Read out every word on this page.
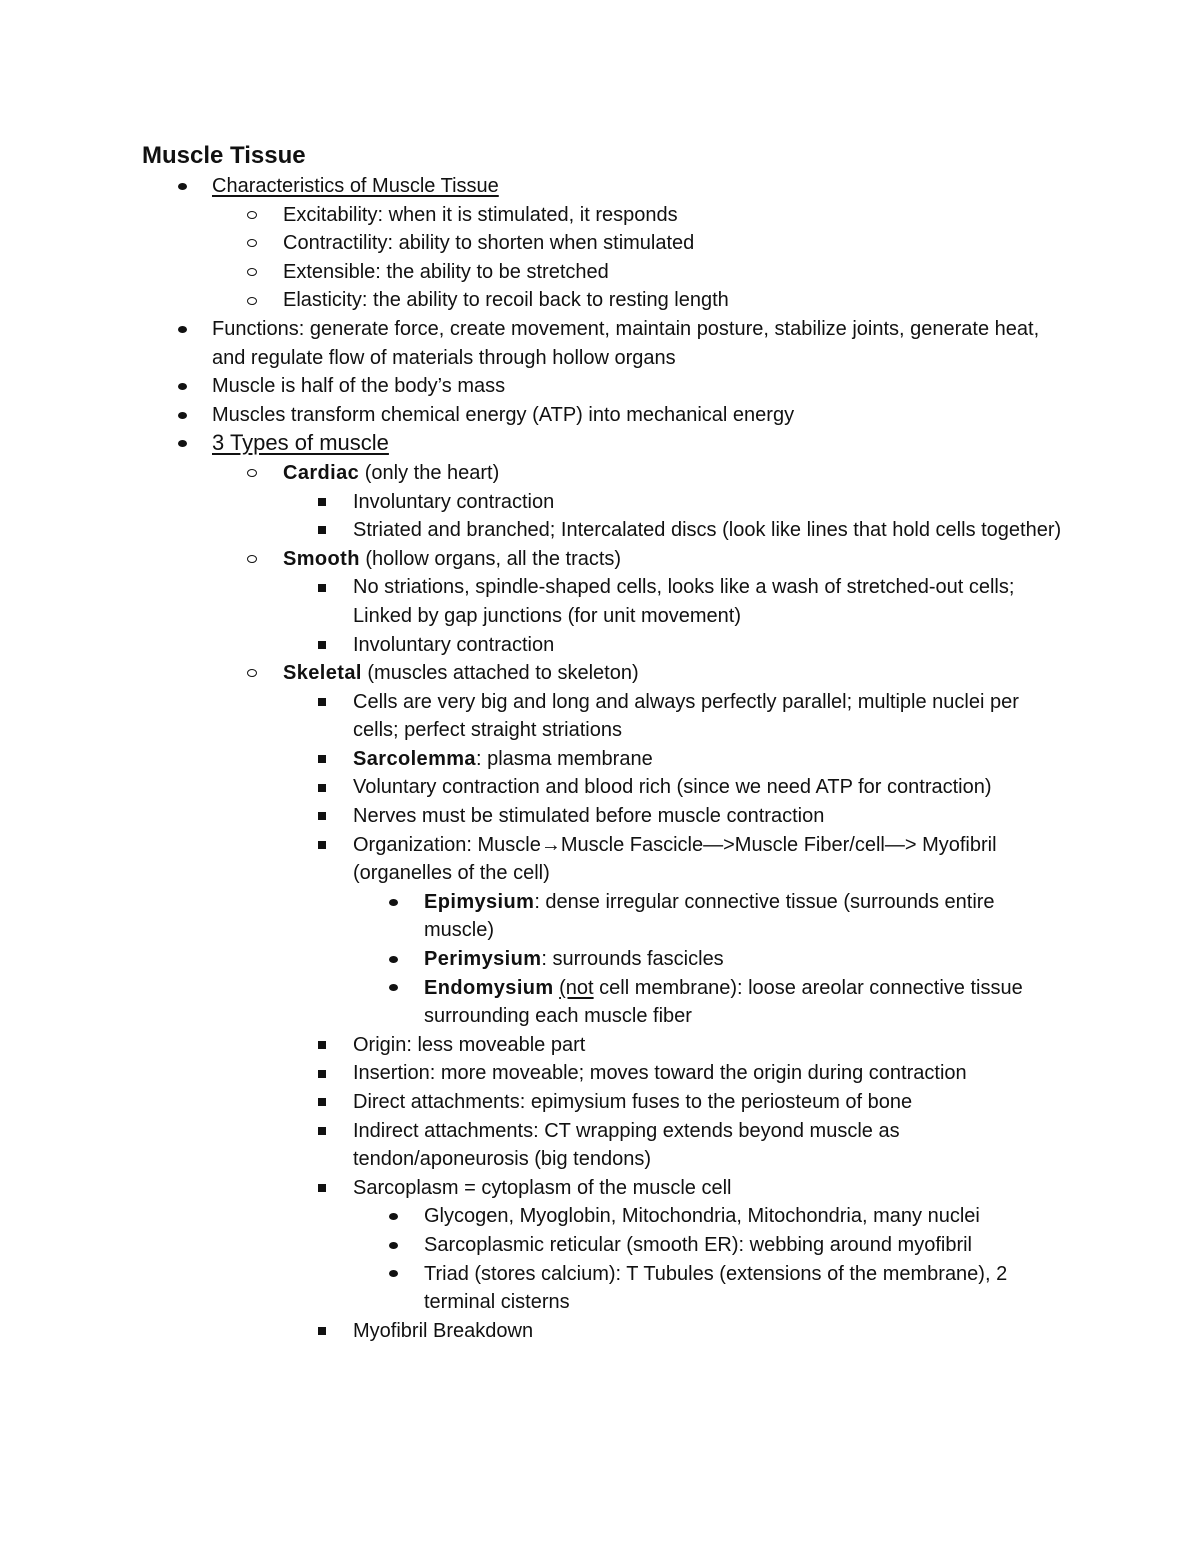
Muscle Tissue
Characteristics of Muscle Tissue
Excitability: when it is stimulated, it responds
Contractility: ability to shorten when stimulated
Extensible: the ability to be stretched
Elasticity: the ability to recoil back to resting length
Functions: generate force, create movement, maintain posture, stabilize joints, generate heat, and regulate flow of materials through hollow organs
Muscle is half of the body’s mass
Muscles transform chemical energy (ATP) into mechanical energy
3 Types of muscle
Cardiac (only the heart)
Involuntary contraction
Striated and branched; Intercalated discs (look like lines that hold cells together)
Smooth (hollow organs, all the tracts)
No striations, spindle-shaped cells, looks like a wash of stretched-out cells; Linked by gap junctions (for unit movement)
Involuntary contraction
Skeletal (muscles attached to skeleton)
Cells are very big and long and always perfectly parallel; multiple nuclei per cells; perfect straight striations
Sarcolemma: plasma membrane
Voluntary contraction and blood rich (since we need ATP for contraction)
Nerves must be stimulated before muscle contraction
Organization: Muscle→Muscle Fascicle—>Muscle Fiber/cell—> Myofibril (organelles of the cell)
Epimysium: dense irregular connective tissue (surrounds entire muscle)
Perimysium: surrounds fascicles
Endomysium (not cell membrane): loose areolar connective tissue surrounding each muscle fiber
Origin: less moveable part
Insertion: more moveable; moves toward the origin during contraction
Direct attachments: epimysium fuses to the periosteum of bone
Indirect attachments: CT wrapping extends beyond muscle as tendon/aponeurosis (big tendons)
Sarcoplasm = cytoplasm of the muscle cell
Glycogen, Myoglobin, Mitochondria, Mitochondria, many nuclei
Sarcoplasmic reticular (smooth ER): webbing around myofibril
Triad (stores calcium): T Tubules (extensions of the membrane), 2 terminal cisterns
Myofibril Breakdown
